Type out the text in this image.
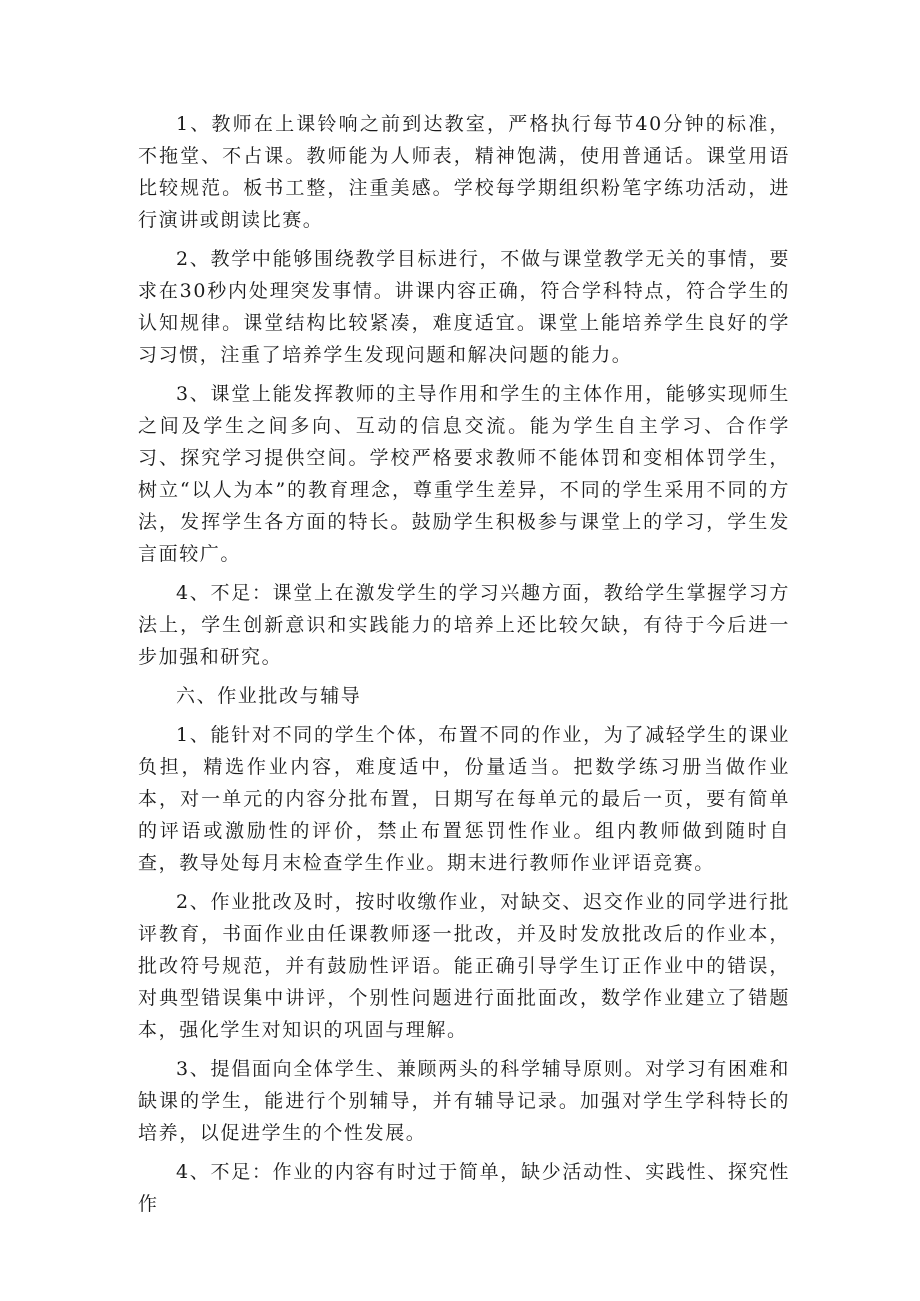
1、教师在上课铃响之前到达教室，严格执行每节40分钟的标准，不拖堂、不占课。教师能为人师表，精神饱满，使用普通话。课堂用语比较规范。板书工整，注重美感。学校每学期组织粉笔字练功活动，进行演讲或朗读比赛。

2、教学中能够围绕教学目标进行，不做与课堂教学无关的事情，要求在30秒内处理突发事情。讲课内容正确，符合学科特点，符合学生的认知规律。课堂结构比较紧凑，难度适宜。课堂上能培养学生良好的学习习惯，注重了培养学生发现问题和解决问题的能力。

3、课堂上能发挥教师的主导作用和学生的主体作用，能够实现师生之间及学生之间多向、互动的信息交流。能为学生自主学习、合作学习、探究学习提供空间。学校严格要求教师不能体罚和变相体罚学生，树立“以人为本”的教育理念，尊重学生差异，不同的学生采用不同的方法，发挥学生各方面的特长。鼓励学生积极参与课堂上的学习，学生发言面较广。

4、不足：课堂上在激发学生的学习兴趣方面，教给学生掌握学习方法上，学生创新意识和实践能力的培养上还比较欠缺，有待于今后进一步加强和研究。

六、作业批改与辅导

1、能针对不同的学生个体，布置不同的作业，为了减轻学生的课业负担，精选作业内容，难度适中，份量适当。把数学练习册当做作业本，对一单元的内容分批布置，日期写在每单元的最后一页，要有简单的评语或激励性的评价，禁止布置惩罚性作业。组内教师做到随时自查，教导处每月末检查学生作业。期末进行教师作业评语竞赛。

2、作业批改及时，按时收缴作业，对缺交、迟交作业的同学进行批评教育，书面作业由任课教师逐一批改，并及时发放批改后的作业本，批改符号规范，并有鼓励性评语。能正确引导学生订正作业中的错误，对典型错误集中讲评，个别性问题进行面批面改，数学作业建立了错题本，强化学生对知识的巩固与理解。

3、提倡面向全体学生、兼顾两头的科学辅导原则。对学习有困难和缺课的学生，能进行个别辅导，并有辅导记录。加强对学生学科特长的培养，以促进学生的个性发展。

4、不足：作业的内容有时过于简单，缺少活动性、实践性、探究性作
